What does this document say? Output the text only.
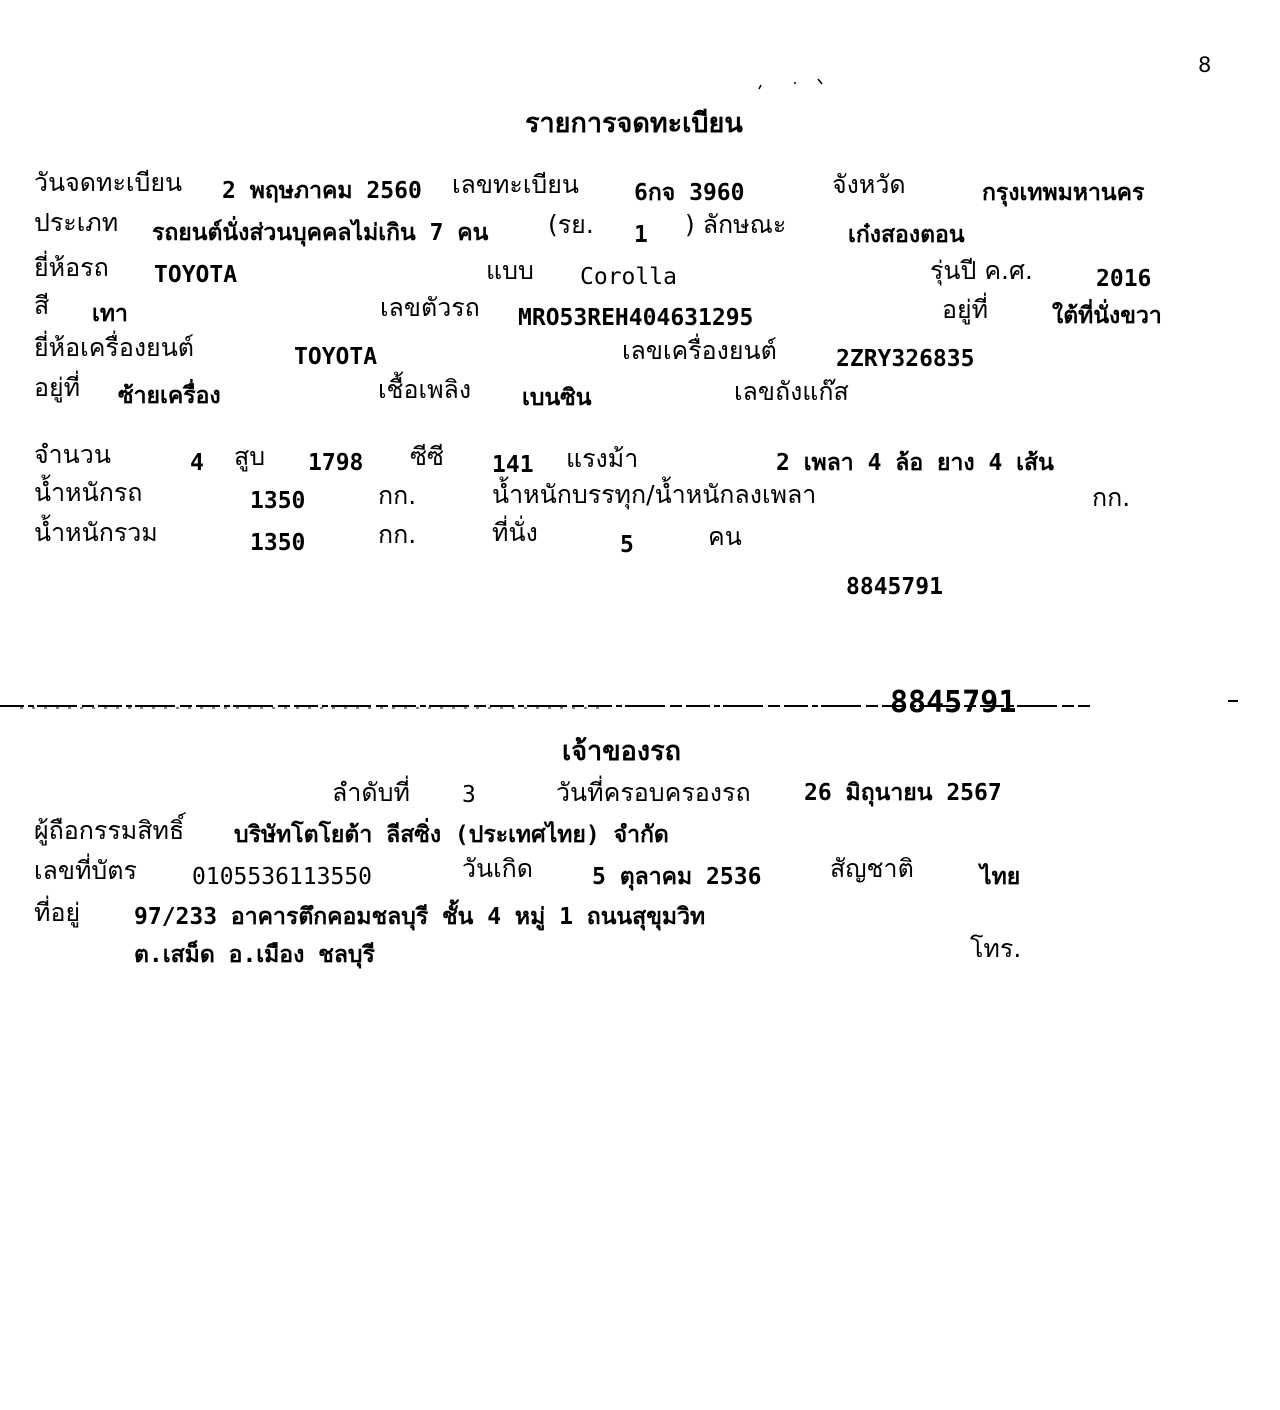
8
รายการจดทะเบียน
วันจดทะเบียน 2 พฤษภาคม 2560 เลขทะเบียน 6กจ 3960	จังหวัด	กรุงเทพมหานคร
ประเภท รถยนต์นั่งส่วนบุคคลไม่เกิน 7 คน (รย. 1 ) ลักษณะ	เก๋งสองตอน
ยี่ห้อรถ TOYOTA	แบบ Corolla	รุ่นปี ค.ศ.	2016
สี เทา	เลขตัวรถ MRO53REH404631295	อยู่ที่	ใต้ที่นั่งขวา
ยี่ห้อเครื่องยนต์	TOYOTA	เลขเครื่องยนต์	2ZRY326835
อยู่ที่ ซ้ายเครื่อง	เชื้อเพลิง เบนซิน	เลขถังแก๊ส
จำนวน	4 สูบ 1798 ซีซี 141 แรงม้า	2 เพลา 4 ล้อ ยาง 4 เส้น
น้ำหนักรถ	1350	กก.	น้ำหนักบรรทุก/น้ำหนักลงเพลา	กก.
น้ำหนักรวม	1350	กก.	ที่นั่ง	5	คน
8845791
8845791
เจ้าของรถ
ลำดับที่ 3	วันที่ครอบครองรถ 26 มิถุนายน 2567
ผู้ถือกรรมสิทธิ์ บริษัทโตโยต้า ลีสซิ่ง (ประเทศไทย) จำกัด
เลขที่บัตร 0105536113550	วันเกิด	5 ตุลาคม 2536	สัญชาติ	ไทย
ที่อยู่ 97/233 อาคารตึกคอมชลบุรี ชั้น 4 หมู่ 1 ถนนสุขุมวิท
ต.เสม็ด อ.เมือง ชลบุรี	โทร.
